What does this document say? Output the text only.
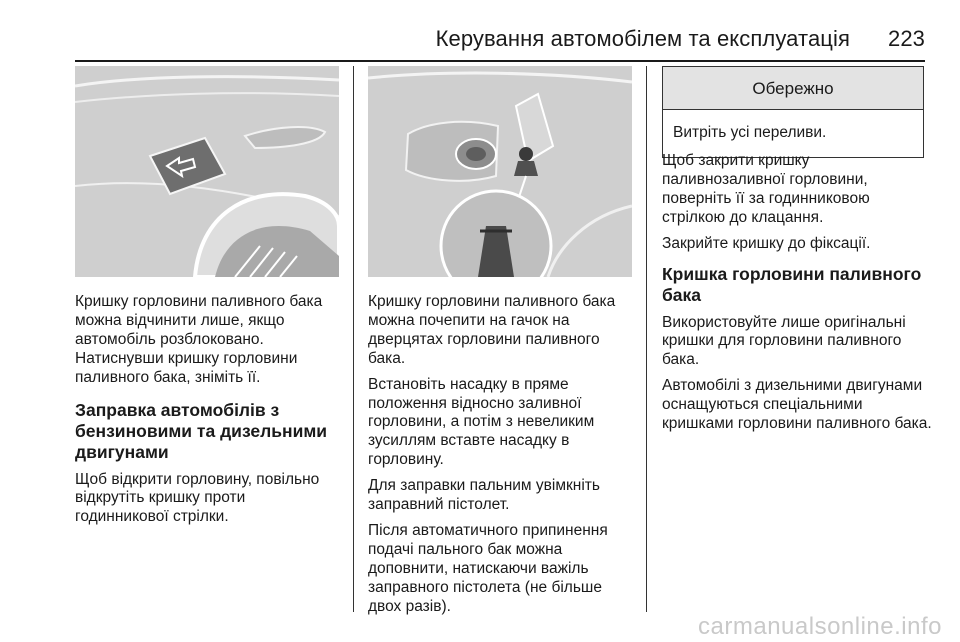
Керування автомобілем та експлуатація 223

Кришку горловини паливного бака можна відчинити лише, якщо автомобіль розблоковано. Натиснувши кришку горловини паливного бака, зніміть її.

Заправка автомобілів з бензиновими та дизельними двигунами

Щоб відкрити горловину, повільно відкрутіть кришку проти годинникової стрілки.

Кришку горловини паливного бака можна почепити на гачок на дверцятах горловини паливного бака.

Встановіть насадку в пряме положення відносно заливної горловини, а потім з невеликим зусиллям вставте насадку в горловину.

Для заправки пальним увімкніть заправний пістолет.

Після автоматичного припинення подачі пального бак можна доповнити, натискаючи важіль заправного пістолета (не більше двох разів).

Обережно
Витріть усі переливи.

Щоб закрити кришку паливнозаливної горловини, поверніть її за годинниковою стрілкою до клацання.

Закрийте кришку до фіксації.

Кришка горловини паливного бака

Використовуйте лише оригінальні кришки для горловини паливного бака.

Автомобілі з дизельними двигунами оснащуються спеціальними кришками горловини паливного бака.

carmanualsonline.info
